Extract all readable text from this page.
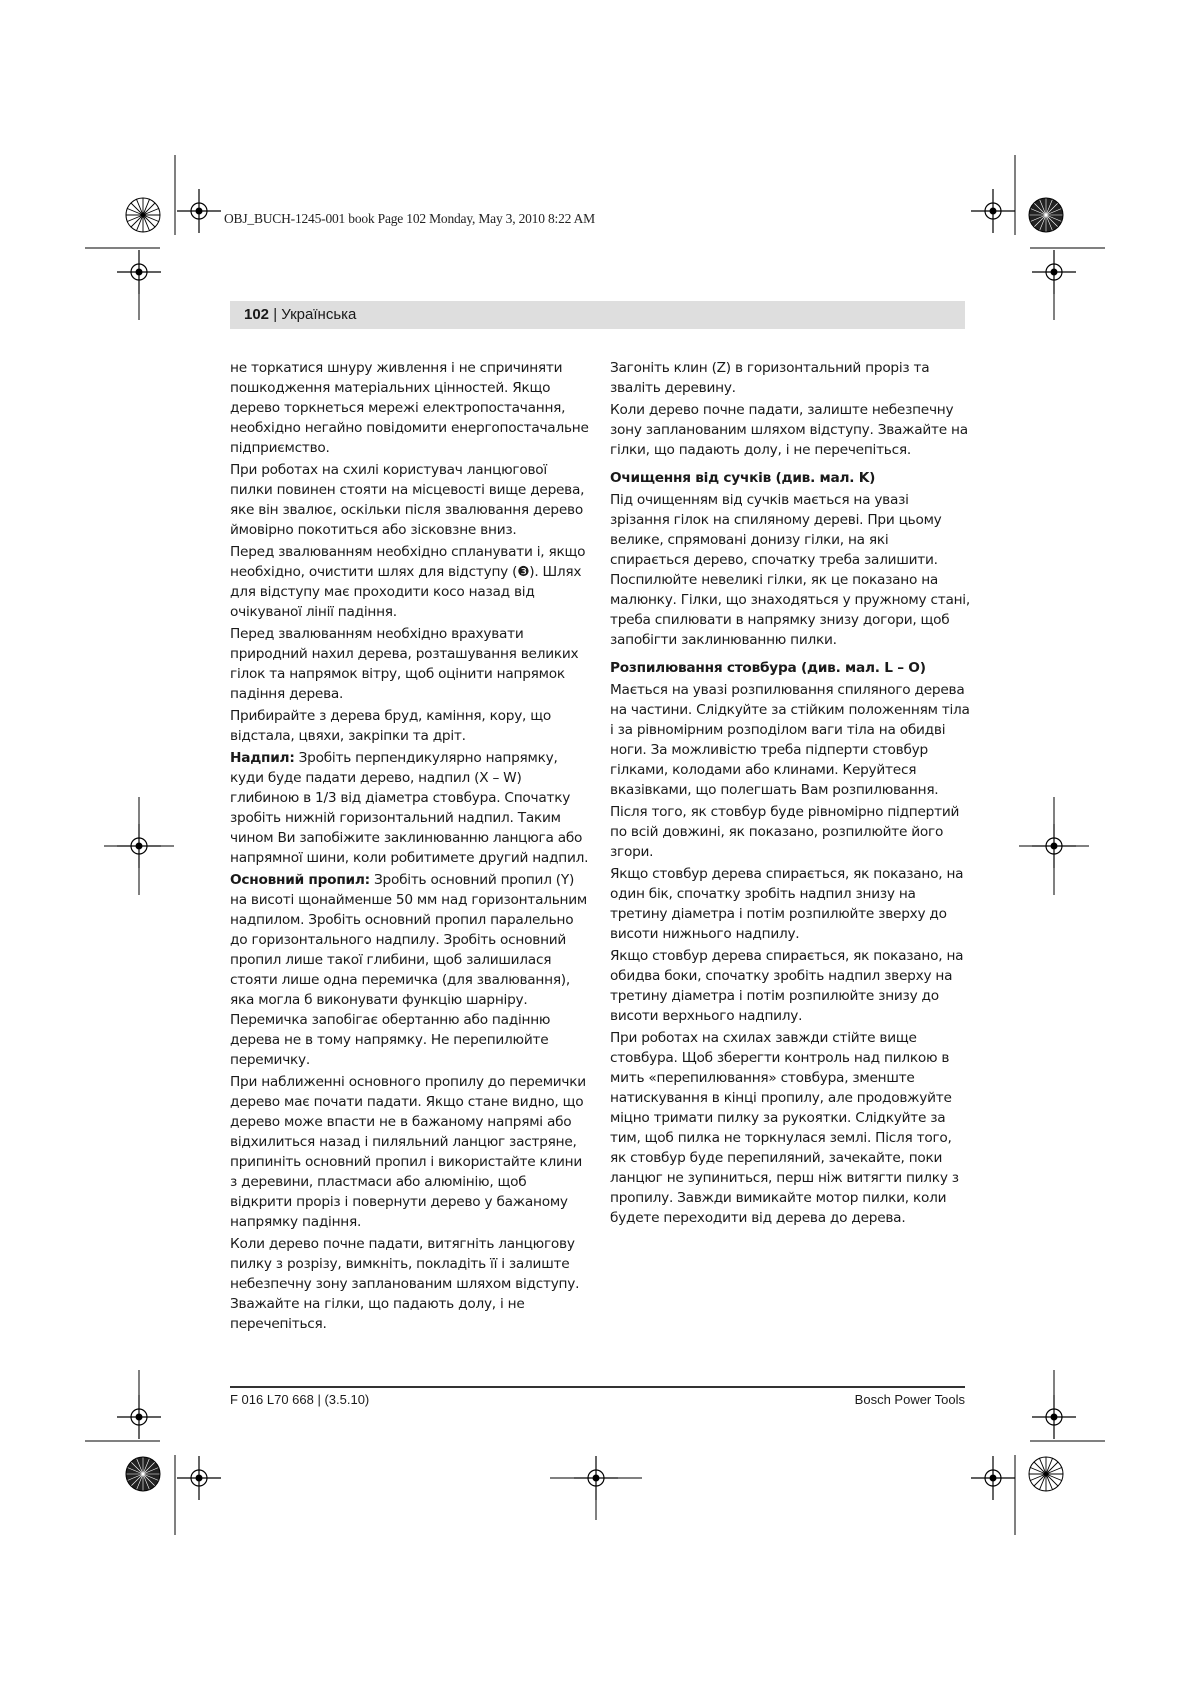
OBJ_BUCH-1245-001 book Page 102 Monday, May 3, 2010 8:22 AM
102 | Українська

не торкатися шнуру живлення і не спричиняти пошкодження матеріальних цінностей. Якщо дерево торкнеться мережі електропостачання, необхідно негайно повідомити енергопостачальне підприємство.

При роботах на схилі користувач ланцюгової пилки повинен стояти на місцевості вище дерева, яке він звалює, оскільки після звалювання дерево ймовірно покотиться або зісковзне вниз.

Перед звалюванням необхідно спланувати і, якщо необхідно, очистити шлях для відступу (❸). Шлях для відступу має проходити косо назад від очікуваної лінії падіння.

Перед звалюванням необхідно врахувати природний нахил дерева, розташування великих гілок та напрямок вітру, щоб оцінити напрямок падіння дерева.

Прибирайте з дерева бруд, каміння, кору, що відстала, цвяхи, закріпки та дріт.

Надпил: Зробіть перпендикулярно напрямку, куди буде падати дерево, надпил (X – W) глибиною в 1/3 від діаметра стовбура. Спочатку зробіть нижній горизонтальний надпил. Таким чином Ви запобіжите заклинюванню ланцюга або напрямної шини, коли робитимете другий надпил.

Основний пропил: Зробіть основний пропил (Y) на висоті щонайменше 50 мм над горизонтальним надпилом. Зробіть основний пропил паралельно до горизонтального надпилу. Зробіть основний пропил лише такої глибини, щоб залишилася стояти лише одна перемичка (для звалювання), яка могла б виконувати функцію шарніру. Перемичка запобігає обертанню або падінню дерева не в тому напрямку. Не перепилюйте перемичку.

При наближенні основного пропилу до перемички дерево має почати падати. Якщо стане видно, що дерево може впасти не в бажаному напрямі або відхилиться назад і пиляльний ланцюг застряне, припиніть основний пропил і використайте клини з деревини, пластмаси або алюмінію, щоб відкрити проріз і повернути дерево у бажаному напрямку падіння.

Коли дерево почне падати, витягніть ланцюгову пилку з розрізу, вимкніть, покладіть її і залиште небезпечну зону запланованим шляхом відступу. Зважайте на гілки, що падають долу, і не перечепіться.

Загоніть клин (Z) в горизонтальний проріз та зваліть деревину.

Коли дерево почне падати, залиште небезпечну зону запланованим шляхом відступу. Зважайте на гілки, що падають долу, і не перечепіться.

Очищення від сучків (див. мал. K)

Під очищенням від сучків мається на увазі зрізання гілок на спиляному дереві. При цьому велике, спрямовані донизу гілки, на які спирається дерево, спочатку треба залишити. Поспилюйте невеликі гілки, як це показано на малюнку. Гілки, що знаходяться у пружному стані, треба спилювати в напрямку знизу догори, щоб запобігти заклинюванню пилки.

Розпилювання стовбура (див. мал. L – O)

Мається на увазі розпилювання спиляного дерева на частини. Слідкуйте за стійким положенням тіла і за рівномірним розподілом ваги тіла на обидві ноги. За можливістю треба підперти стовбур гілками, колодами або клинами. Керуйтеся вказівками, що полегшать Вам розпилювання.

Після того, як стовбур буде рівномірно підпертий по всій довжині, як показано, розпилюйте його згори.

Якщо стовбур дерева спирається, як показано, на один бік, спочатку зробіть надпил знизу на третину діаметра і потім розпилюйте зверху до висоти нижнього надпилу.

Якщо стовбур дерева спирається, як показано, на обидва боки, спочатку зробіть надпил зверху на третину діаметра і потім розпилюйте знизу до висоти верхнього надпилу.

При роботах на схилах завжди стійте вище стовбура. Щоб зберегти контроль над пилкою в мить «перепилювання» стовбура, зменште натискування в кінці пропилу, але продовжуйте міцно тримати пилку за рукоятки. Слідкуйте за тим, щоб пилка не торкнулася землі. Після того, як стовбур буде перепиляний, зачекайте, поки ланцюг не зупиниться, перш ніж витягти пилку з пропилу. Завжди вимикайте мотор пилки, коли будете переходити від дерева до дерева.

F 016 L70 668 | (3.5.10)	Bosch Power Tools
